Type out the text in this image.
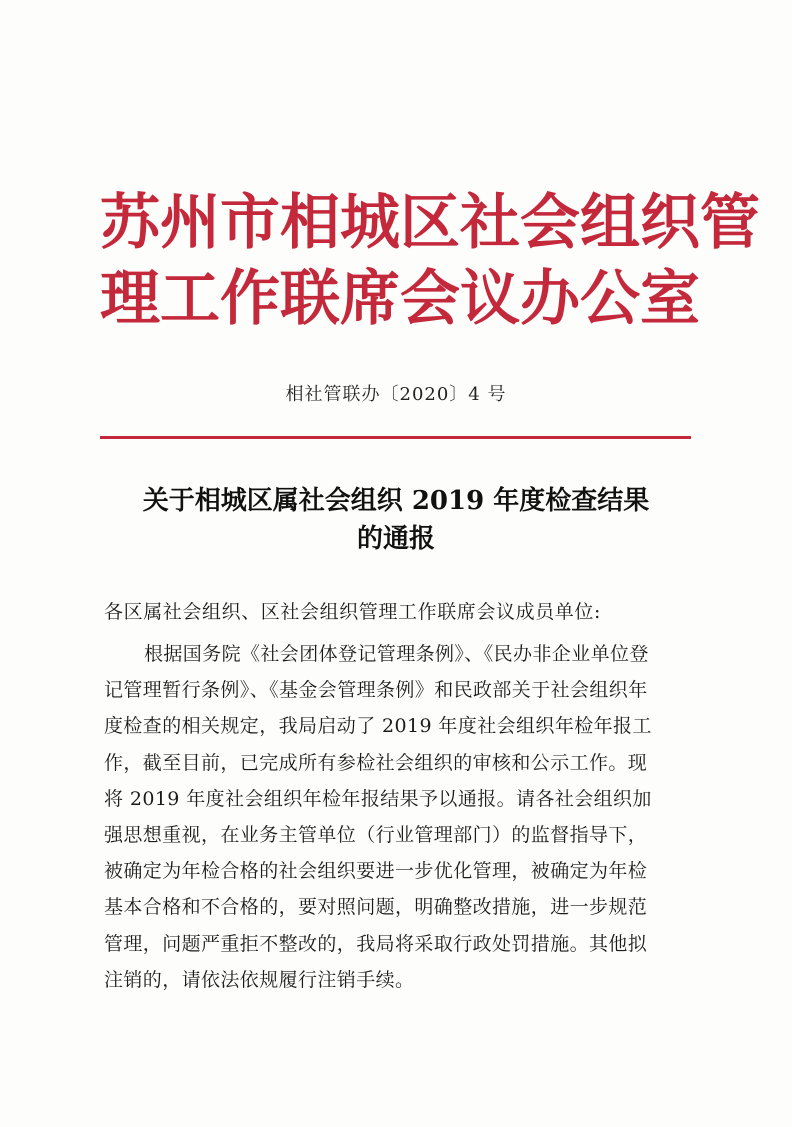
苏州市相城区社会组织管
理工作联席会议办公室
相社管联办〔2020〕4 号
关于相城区属社会组织 2019 年度检查结果
的通报
各区属社会组织、区社会组织管理工作联席会议成员单位:
根据国务院《社会团体登记管理条例》、《民办非企业单位登
记管理暂行条例》、《基金会管理条例》和民政部关于社会组织年
度检查的相关规定，我局启动了 2019 年度社会组织年检年报工
作，截至目前，已完成所有参检社会组织的审核和公示工作。现
将 2019 年度社会组织年检年报结果予以通报。请各社会组织加
强思想重视，在业务主管单位（行业管理部门）的监督指导下，
被确定为年检合格的社会组织要进一步优化管理，被确定为年检
基本合格和不合格的，要对照问题，明确整改措施，进一步规范
管理，问题严重拒不整改的，我局将采取行政处罚措施。其他拟
注销的，请依法依规履行注销手续。
